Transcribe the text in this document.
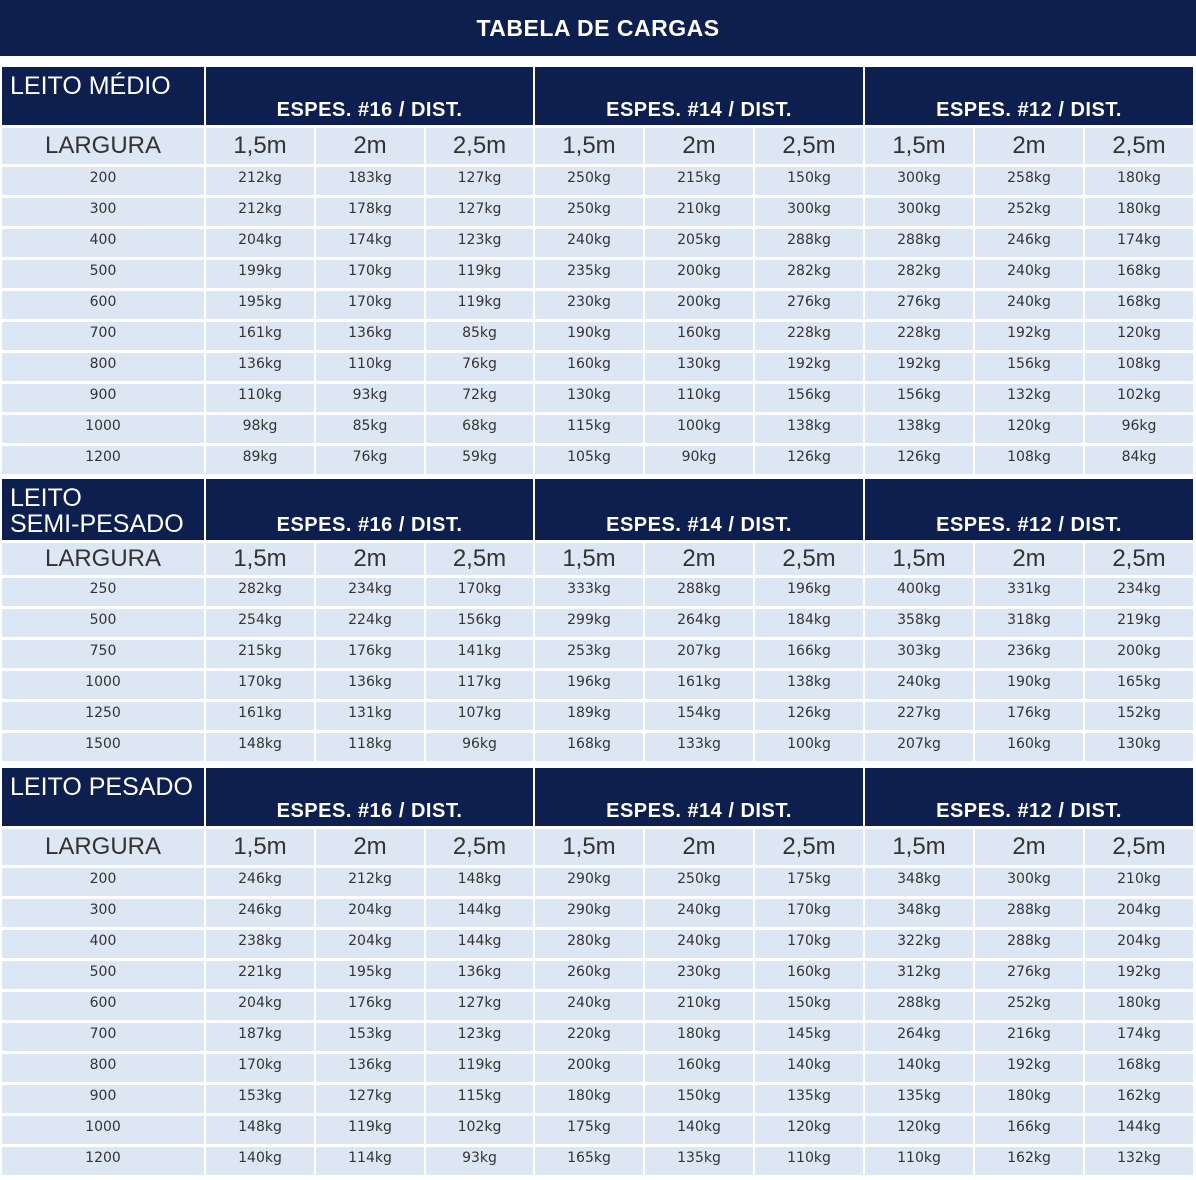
TABELA DE CARGAS
LEITO MÉDIO
ESPES. #16 / DIST.	ESPES. #14 / DIST.	ESPES. #12 / DIST.
LARGURA	1,5m	2m	2,5m	1,5m	2m	2,5m	1,5m	2m	2,5m
200	212kg	183kg	127kg	250kg	215kg	150kg	300kg	258kg	180kg
300	212kg	178kg	127kg	250kg	210kg	300kg	300kg	252kg	180kg
400	204kg	174kg	123kg	240kg	205kg	288kg	288kg	246kg	174kg
500	199kg	170kg	119kg	235kg	200kg	282kg	282kg	240kg	168kg
600	195kg	170kg	119kg	230kg	200kg	276kg	276kg	240kg	168kg
700	161kg	136kg	85kg	190kg	160kg	228kg	228kg	192kg	120kg
800	136kg	110kg	76kg	160kg	130kg	192kg	192kg	156kg	108kg
900	110kg	93kg	72kg	130kg	110kg	156kg	156kg	132kg	102kg
1000	98kg	85kg	68kg	115kg	100kg	138kg	138kg	120kg	96kg
1200	89kg	76kg	59kg	105kg	90kg	126kg	126kg	108kg	84kg
LEITO
SEMI-PESADO	ESPES. #16 / DIST.	ESPES. #14 / DIST.	ESPES. #12 / DIST.
LARGURA	1,5m	2m	2,5m	1,5m	2m	2,5m	1,5m	2m	2,5m
250	282kg	234kg	170kg	333kg	288kg	196kg	400kg	331kg	234kg
500	254kg	224kg	156kg	299kg	264kg	184kg	358kg	318kg	219kg
750	215kg	176kg	141kg	253kg	207kg	166kg	303kg	236kg	200kg
1000	170kg	136kg	117kg	196kg	161kg	138kg	240kg	190kg	165kg
1250	161kg	131kg	107kg	189kg	154kg	126kg	227kg	176kg	152kg
1500	148kg	118kg	96kg	168kg	133kg	100kg	207kg	160kg	130kg
LEITO PESADO
ESPES. #16 / DIST.	ESPES. #14 / DIST.	ESPES. #12 / DIST.
LARGURA	1,5m	2m	2,5m	1,5m	2m	2,5m	1,5m	2m	2,5m
200	246kg	212kg	148kg	290kg	250kg	175kg	348kg	300kg	210kg
300	246kg	204kg	144kg	290kg	240kg	170kg	348kg	288kg	204kg
400	238kg	204kg	144kg	280kg	240kg	170kg	322kg	288kg	204kg
500	221kg	195kg	136kg	260kg	230kg	160kg	312kg	276kg	192kg
600	204kg	176kg	127kg	240kg	210kg	150kg	288kg	252kg	180kg
700	187kg	153kg	123kg	220kg	180kg	145kg	264kg	216kg	174kg
800	170kg	136kg	119kg	200kg	160kg	140kg	140kg	192kg	168kg
900	153kg	127kg	115kg	180kg	150kg	135kg	135kg	180kg	162kg
1000	148kg	119kg	102kg	175kg	140kg	120kg	120kg	166kg	144kg
1200	140kg	114kg	93kg	165kg	135kg	110kg	110kg	162kg	132kg
